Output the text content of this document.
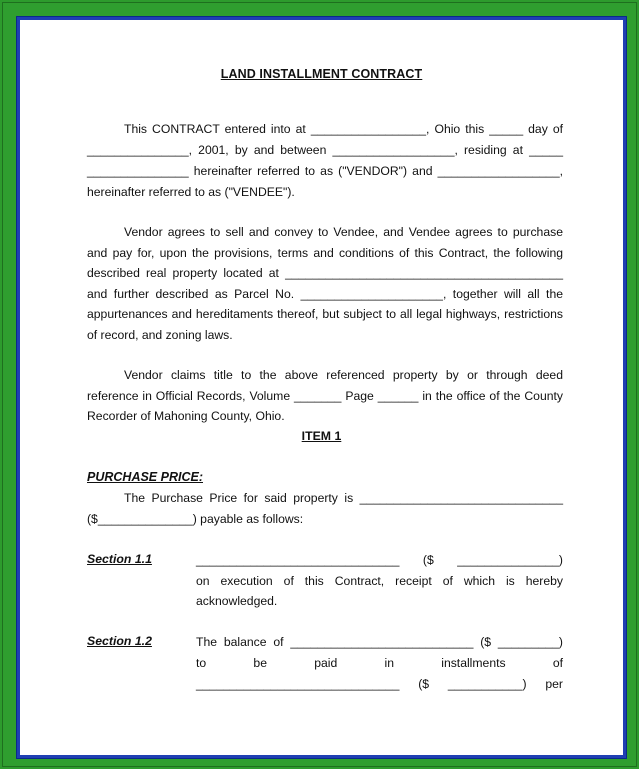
LAND INSTALLMENT CONTRACT
This CONTRACT entered into at _________________, Ohio this _____ day of
_______________, 2001, by and between __________________, residing at _____
_______________ hereinafter referred to as ("VENDOR") and __________________,
hereinafter referred to as ("VENDEE").
Vendor agrees to sell and convey to Vendee, and Vendee agrees to purchase
and pay for, upon the provisions, terms and conditions of this Contract, the following
described real property located at _________________________________________
and further described as Parcel No. _____________________, together will all the
appurtenances and hereditaments thereof, but subject to all legal highways, restrictions
of record, and zoning laws.
Vendor claims title to the above referenced property by or through deed
reference in Official Records, Volume _______ Page ______ in the office of the County
Recorder of Mahoning County, Ohio.
ITEM 1
PURCHASE PRICE:
The Purchase Price for said property is ______________________________
($______________) payable as follows:
Section 1.1	______________________________ ($ _______________)
on execution of this Contract, receipt of which is hereby
acknowledged.
Section 1.2	The balance of ___________________________ ($ _________)
to be paid in installments of
______________________________ ($ ___________) per
